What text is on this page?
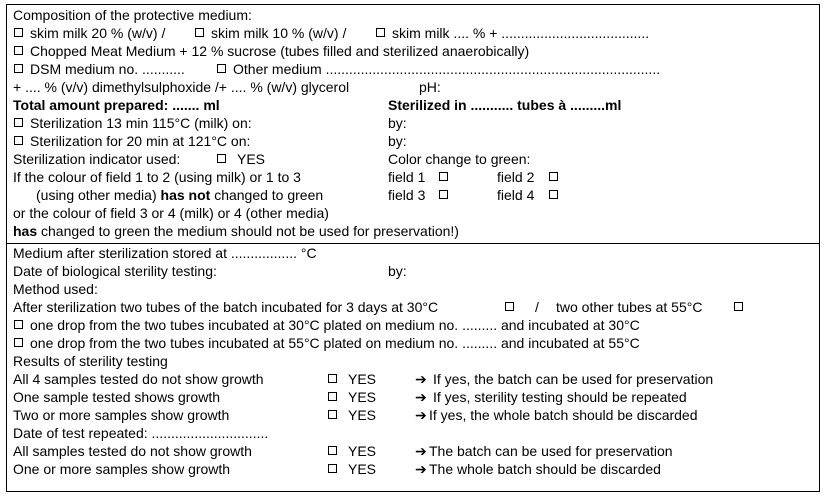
Composition of the protective medium:
skim milk 20 % (w/v) /	skim milk 10 % (w/v) /	skim milk .... % + ......................................
Chopped Meat Medium + 12 % sucrose (tubes filled and sterilized anaerobically)
DSM medium no. ...........	Other medium ......................................................................................
+ .... % (v/v) dimethylsulphoxide /+ .... % (w/v) glycerol	pH:
Total amount prepared: ....... ml	Sterilized in ........... tubes à .........ml
Sterilization 13 min 115°C (milk) on:	by:
Sterilization for 20 min at 121°C on:	by:
Sterilization indicator used:	YES	Color change to green:
If the colour of field 1 to 2 (using milk) or 1 to 3	field 1	field 2
(using other media) has not changed to green	field 3	field 4
or the colour of field 3 or 4 (milk) or 4 (other media)
has changed to green the medium should not be used for preservation!)
Medium after sterilization stored at ................. °C
Date of biological sterility testing:	by:
Method used:
After sterilization two tubes of the batch incubated for 3 days at 30°C	/ two other tubes at 55°C
one drop from the two tubes incubated at 30°C plated on medium no. ......... and incubated at 30°C
one drop from the two tubes incubated at 55°C plated on medium no. ......... and incubated at 55°C
Results of sterility testing
All 4 samples tested do not show growth	YES	➔ If yes, the batch can be used for preservation
One sample tested shows growth	YES	➔ If yes, sterility testing should be repeated
Two or more samples show growth	YES	➔ If yes, the whole batch should be discarded
Date of test repeated: ..............................
All samples tested do not show growth	YES	➔ The batch can be used for preservation
One or more samples show growth	YES	➔ The whole batch should be discarded
